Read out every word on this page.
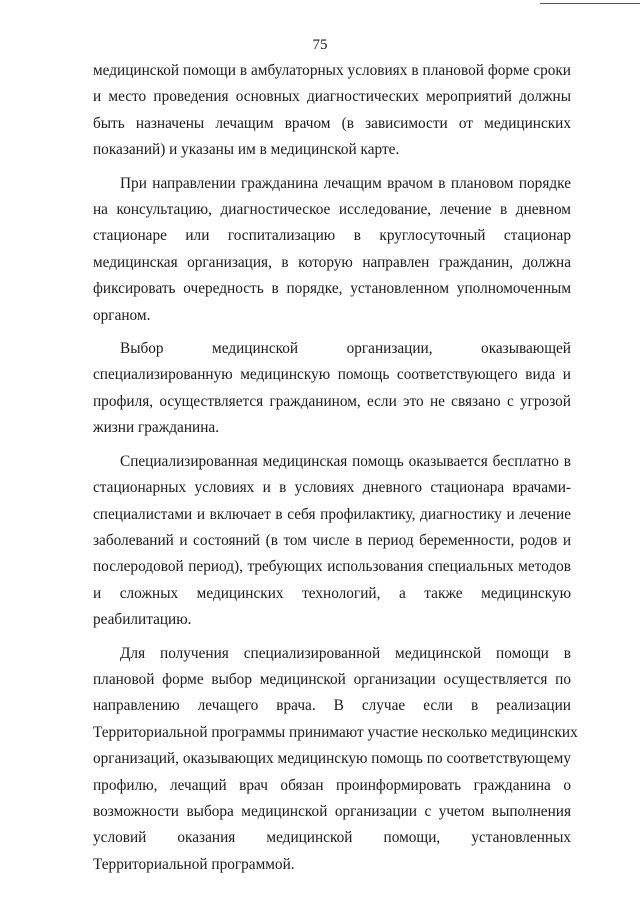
75
медицинской помощи в амбулаторных условиях в плановой форме сроки
и место проведения основных диагностических мероприятий должны
быть назначены лечащим врачом (в зависимости от медицинских
показаний) и указаны им в медицинской карте.
При направлении гражданина лечащим врачом в плановом порядке
на консультацию, диагностическое исследование, лечение в дневном
стационаре или госпитализацию в круглосуточный стационар
медицинская организация, в которую направлен гражданин, должна
фиксировать очередность в порядке, установленном уполномоченным
органом.
Выбор медицинской организации, оказывающей
специализированную медицинскую помощь соответствующего вида и
профиля, осуществляется гражданином, если это не связано с угрозой
жизни гражданина.
Специализированная медицинская помощь оказывается бесплатно в
стационарных условиях и в условиях дневного стационара врачами-
специалистами и включает в себя профилактику, диагностику и лечение
заболеваний и состояний (в том числе в период беременности, родов и
послеродовой период), требующих использования специальных методов
и сложных медицинских технологий, а также медицинскую
реабилитацию.
Для получения специализированной медицинской помощи в
плановой форме выбор медицинской организации осуществляется по
направлению лечащего врача. В случае если в реализации
Территориальной программы принимают участие несколько медицинских
организаций, оказывающих медицинскую помощь по соответствующему
профилю, лечащий врач обязан проинформировать гражданина о
возможности выбора медицинской организации с учетом выполнения
условий оказания медицинской помощи, установленных
Территориальной программой.
